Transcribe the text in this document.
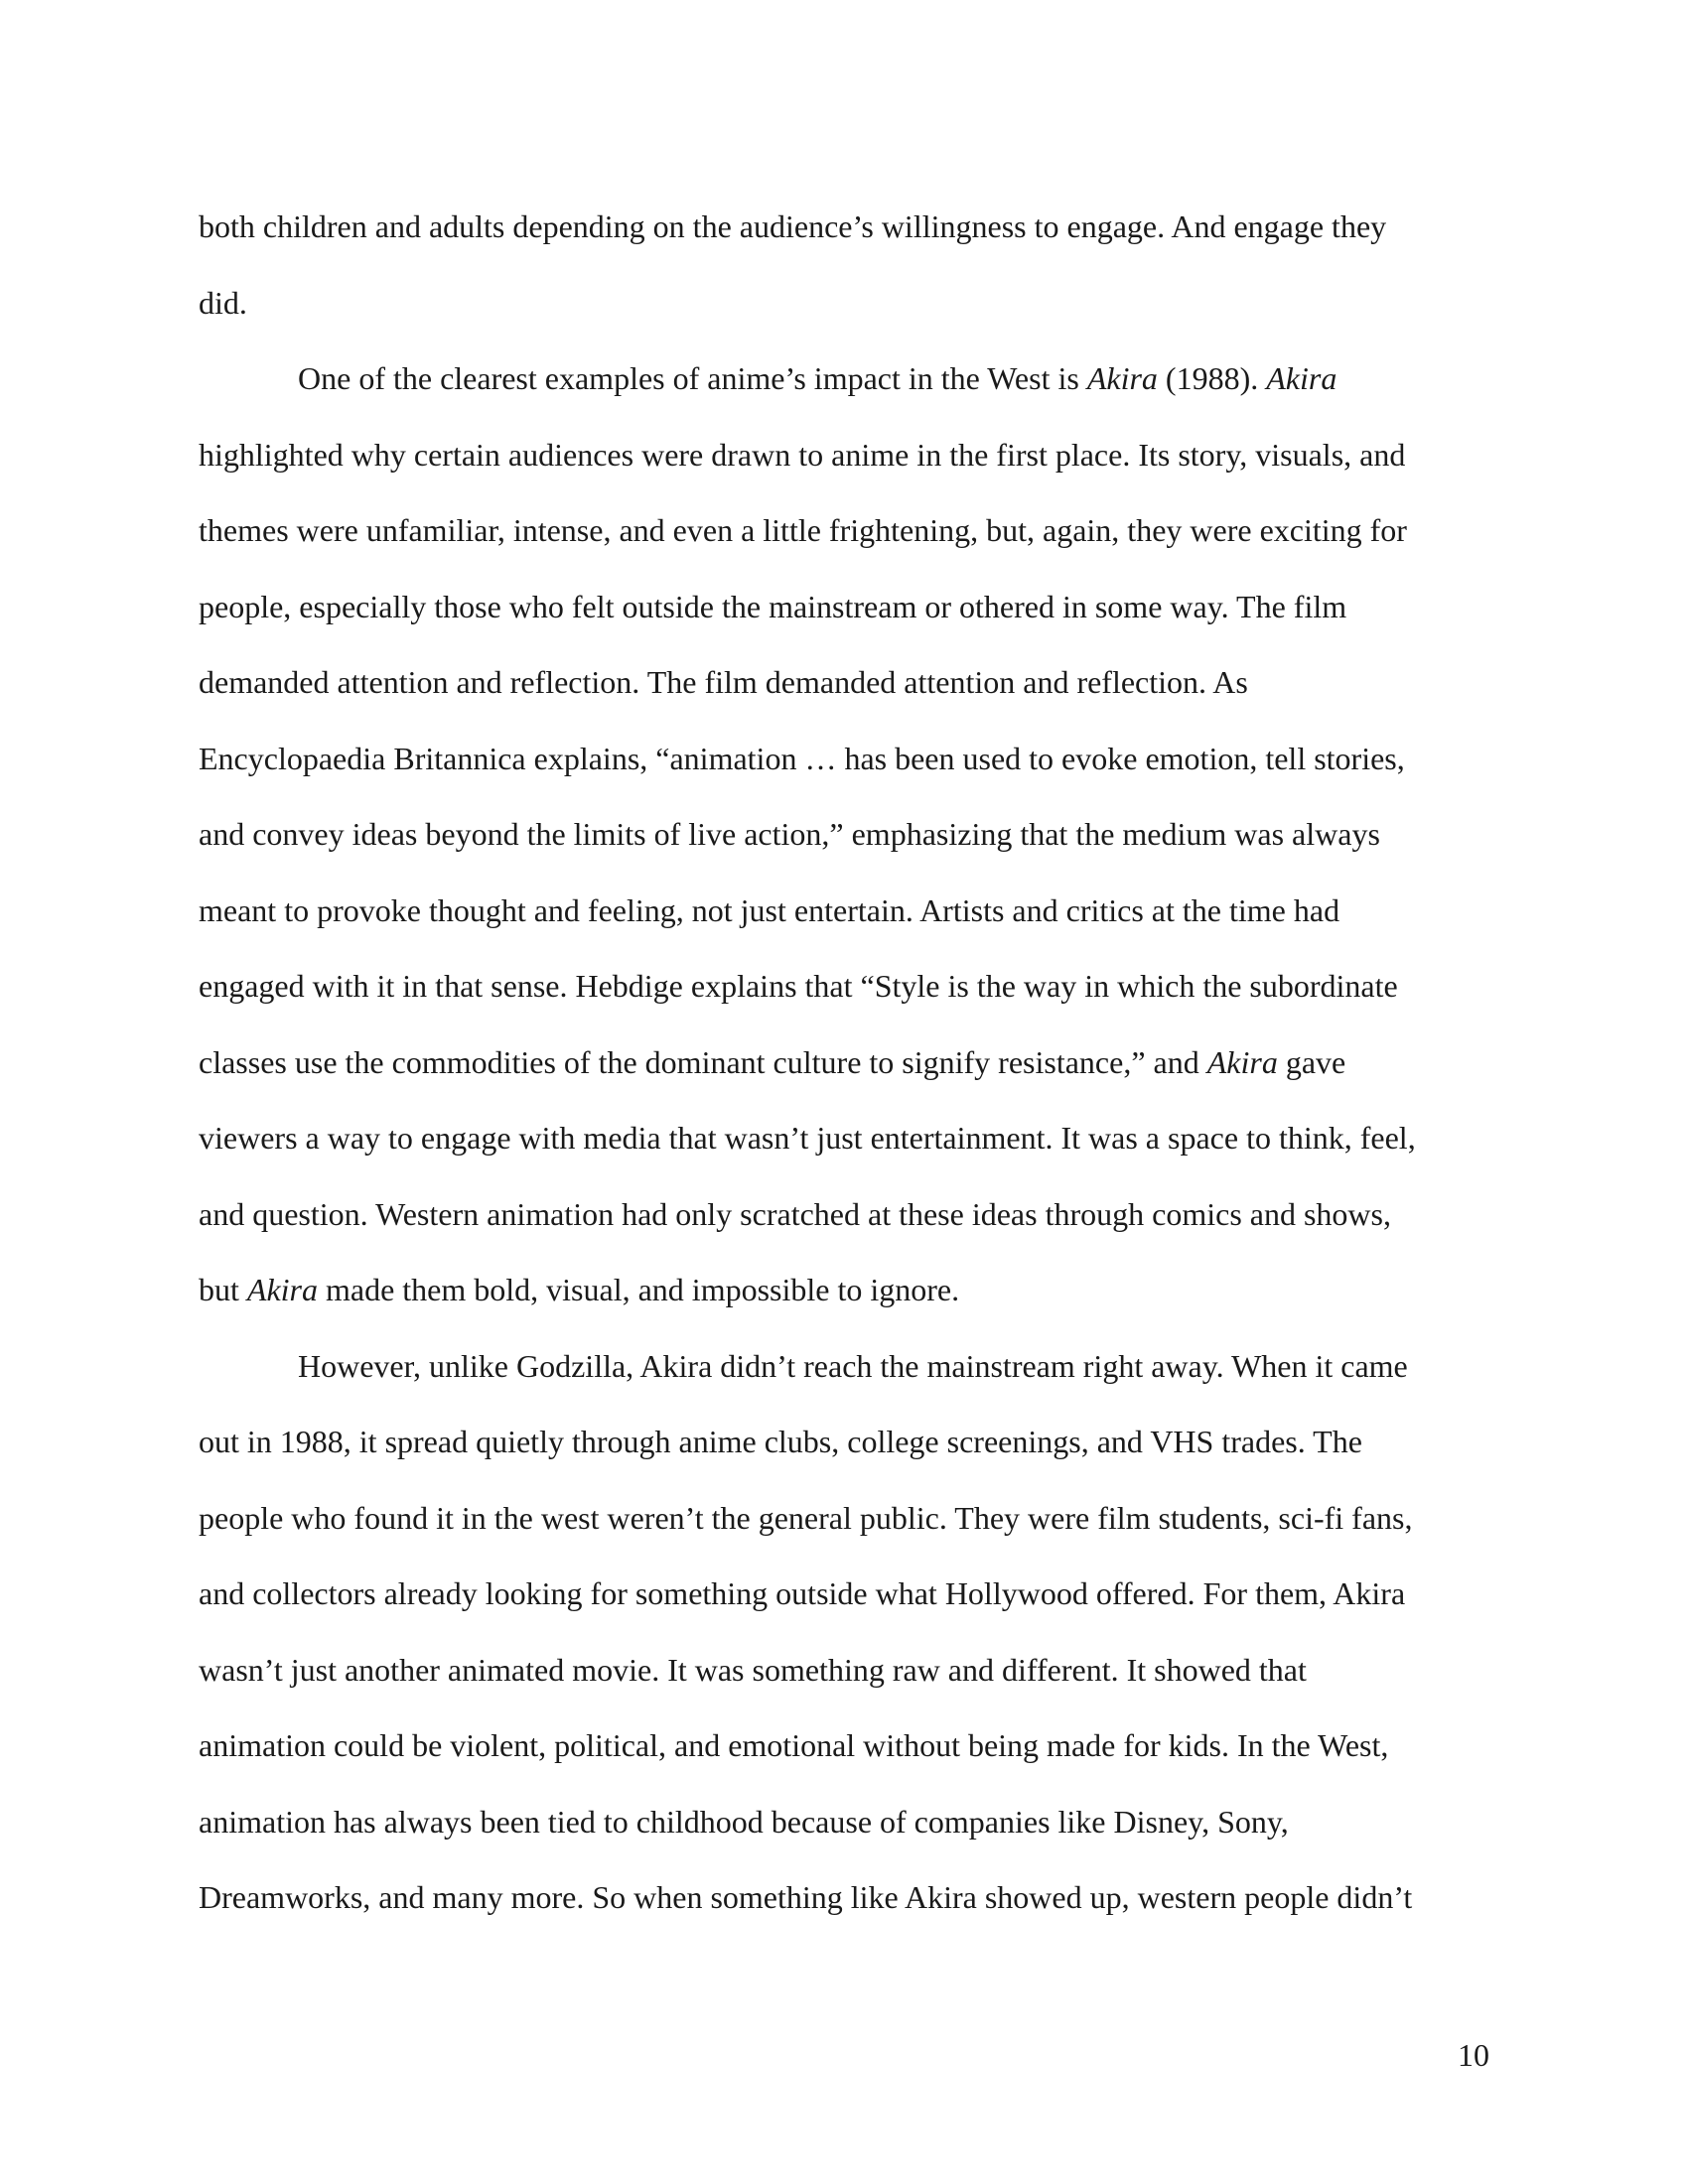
both children and adults depending on the audience’s willingness to engage. And engage they
did.
One of the clearest examples of anime’s impact in the West is Akira (1988). Akira
highlighted why certain audiences were drawn to anime in the first place. Its story, visuals, and
themes were unfamiliar, intense, and even a little frightening, but, again, they were exciting for
people, especially those who felt outside the mainstream or othered in some way. The film
demanded attention and reflection. The film demanded attention and reflection. As
Encyclopaedia Britannica explains, “animation … has been used to evoke emotion, tell stories,
and convey ideas beyond the limits of live action,” emphasizing that the medium was always
meant to provoke thought and feeling, not just entertain. Artists and critics at the time had
engaged with it in that sense. Hebdige explains that “Style is the way in which the subordinate
classes use the commodities of the dominant culture to signify resistance,” and Akira gave
viewers a way to engage with media that wasn’t just entertainment. It was a space to think, feel,
and question. Western animation had only scratched at these ideas through comics and shows,
but Akira made them bold, visual, and impossible to ignore.
However, unlike Godzilla, Akira didn’t reach the mainstream right away. When it came
out in 1988, it spread quietly through anime clubs, college screenings, and VHS trades. The
people who found it in the west weren’t the general public. They were film students, sci-fi fans,
and collectors already looking for something outside what Hollywood offered. For them, Akira
wasn’t just another animated movie. It was something raw and different. It showed that
animation could be violent, political, and emotional without being made for kids. In the West,
animation has always been tied to childhood because of companies like Disney, Sony,
Dreamworks, and many more. So when something like Akira showed up, western people didn’t
10
